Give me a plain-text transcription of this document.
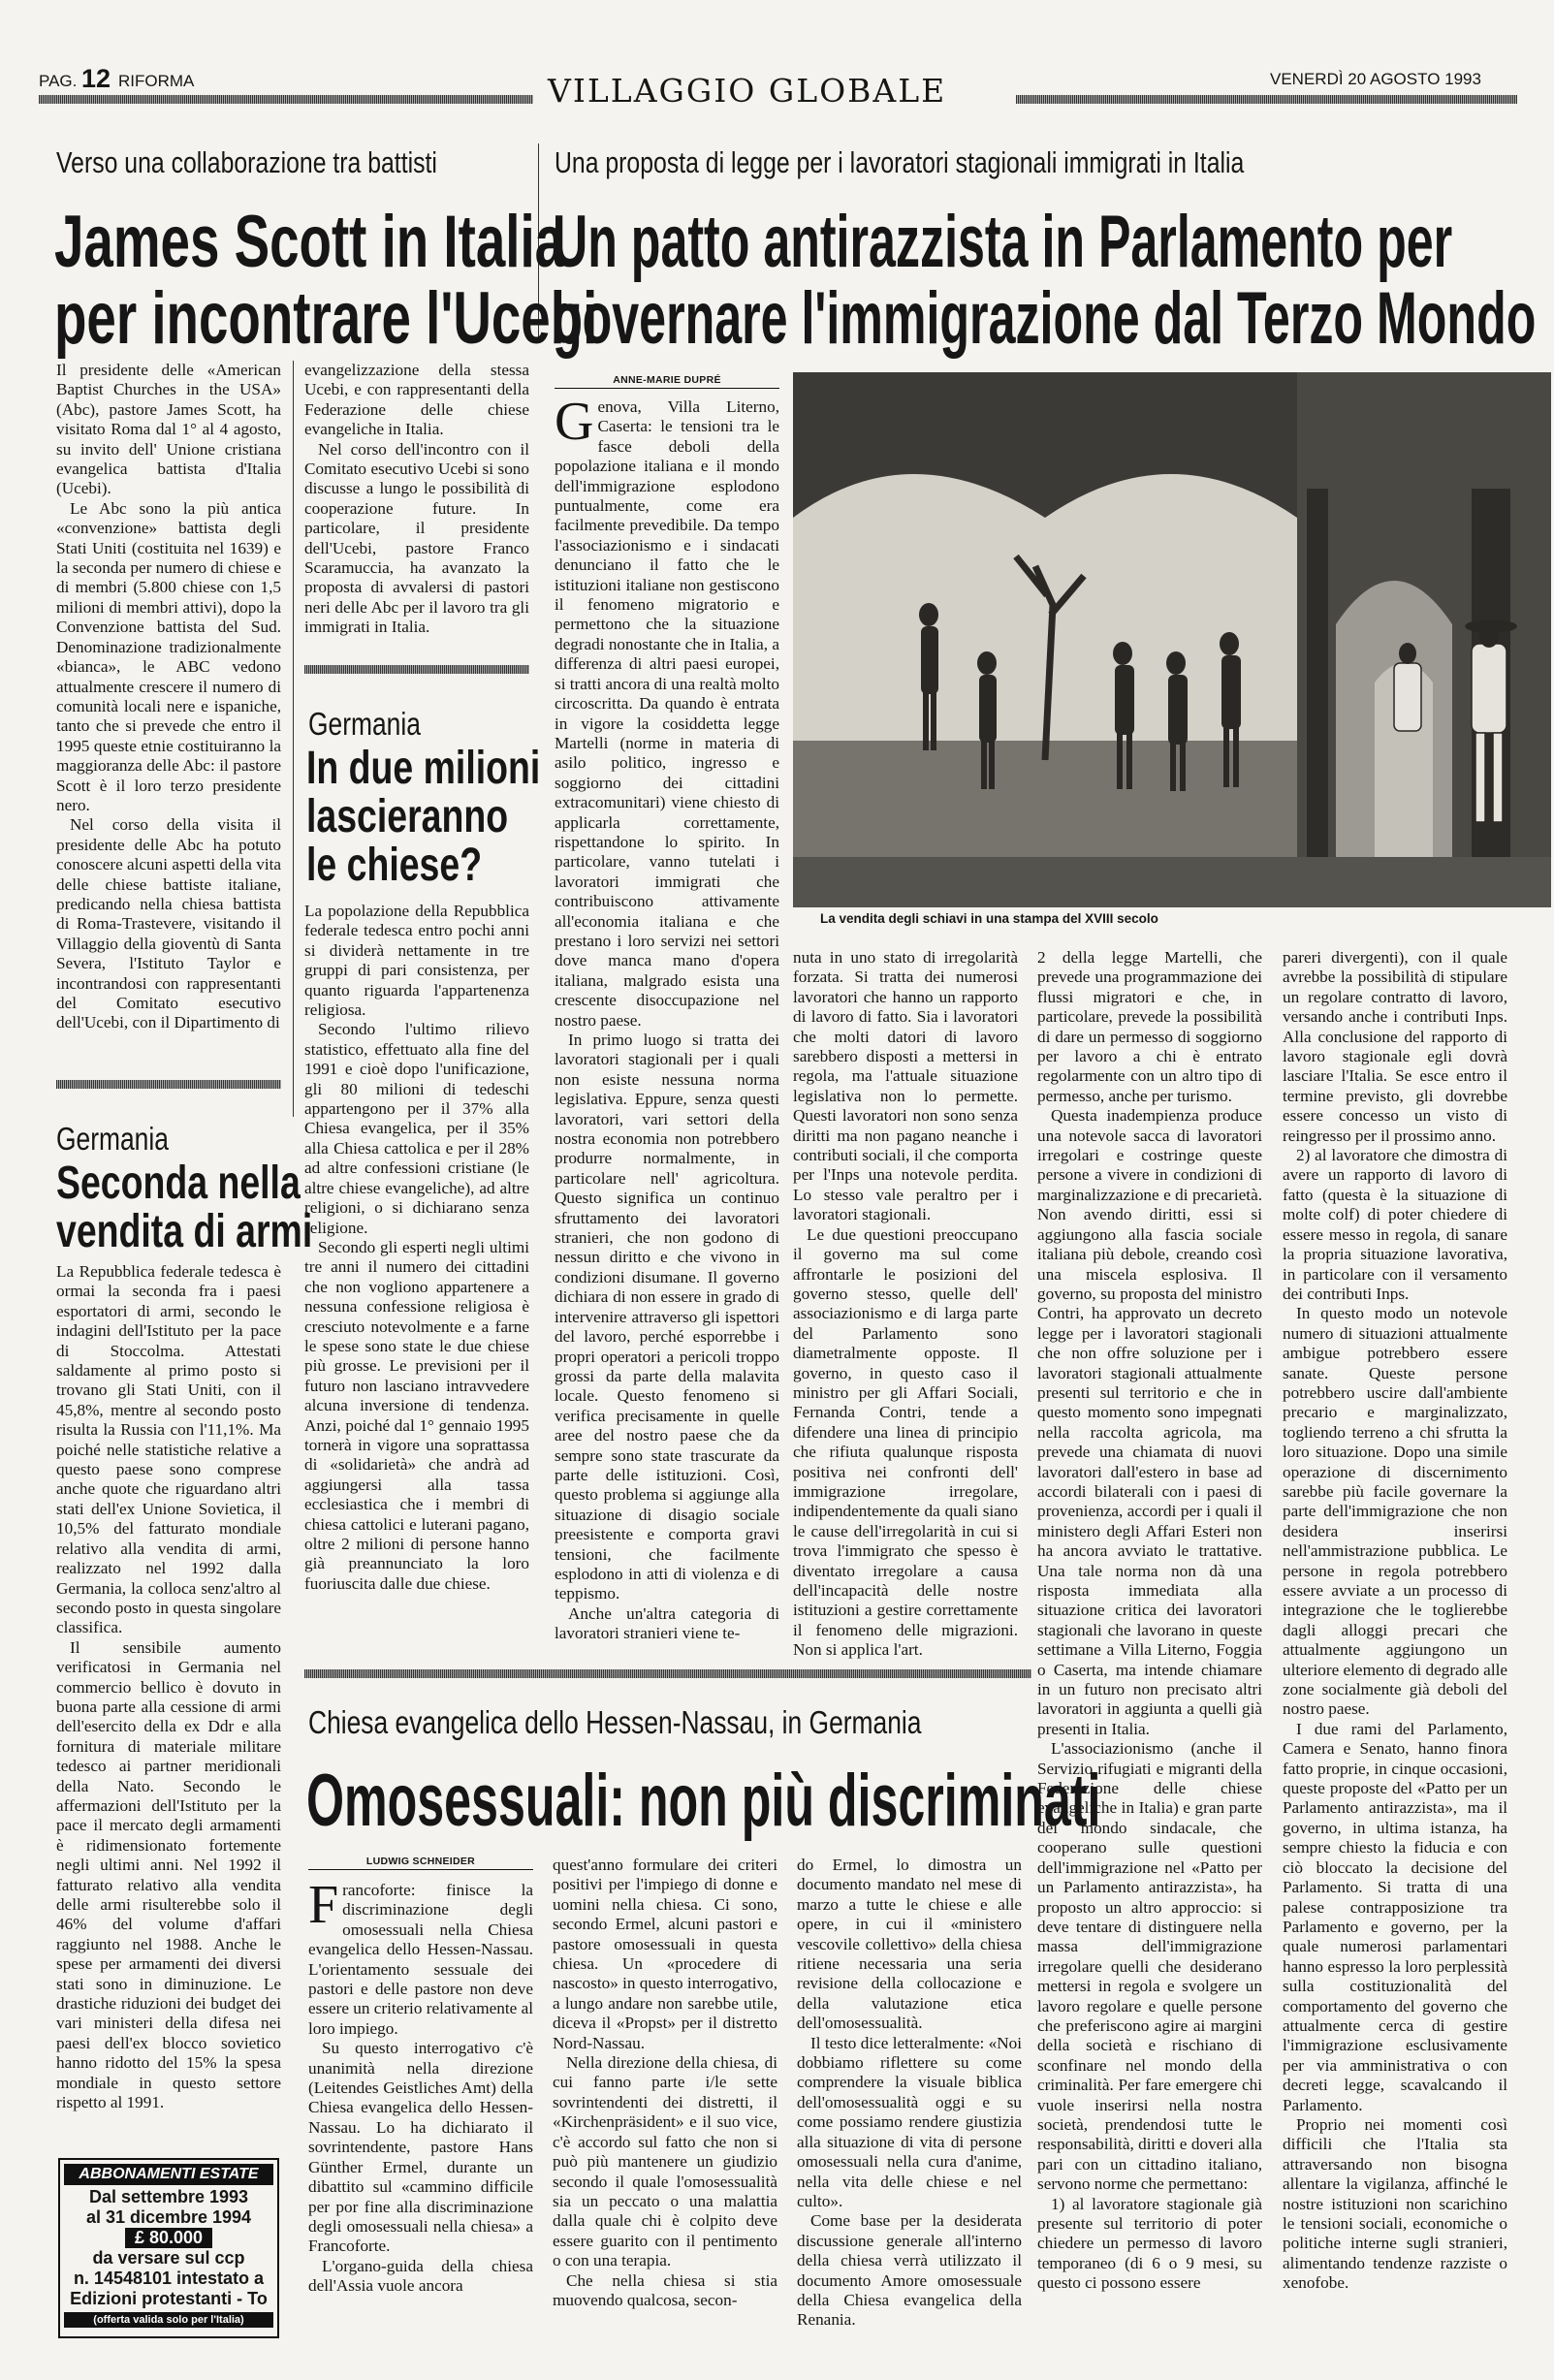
PAG. 12 RIFORMA	VILLAGGIO GLOBALE	VENERDÌ 20 AGOSTO 1993
Verso una collaborazione tra battisti
James Scott in Italia
per incontrare l'Ucebi

Il presidente delle «American Baptist Churches in the USA» (Abc), pastore James Scott, ha visitato Roma dal 1° al 4 agosto, su invito dell' Unione cristiana evangelica battista d'Italia (Ucebi).

Le Abc sono la più antica «convenzione» battista degli Stati Uniti (costituita nel 1639) e la seconda per numero di chiese e di membri (5.800 chiese con 1,5 milioni di membri attivi), dopo la Convenzione battista del Sud. Denominazione tradizionalmente «bianca», le ABC vedono attualmente crescere il numero di comunità locali nere e ispaniche, tanto che si prevede che entro il 1995 queste etnie costituiranno la maggioranza delle Abc: il pastore Scott è il loro terzo presidente nero.

Nel corso della visita il presidente delle Abc ha potuto conoscere alcuni aspetti della vita delle chiese battiste italiane, predicando nella chiesa battista di Roma-Trastevere, visitando il Villaggio della gioventù di Santa Severa, l'Istituto Taylor e incontrandosi con rappresentanti del Comitato esecutivo dell'Ucebi, con il Dipartimento di

evangelizzazione della stessa Ucebi, e con rappresentanti della Federazione delle chiese evangeliche in Italia.

Nel corso dell'incontro con il Comitato esecutivo Ucebi si sono discusse a lungo le possibilità di cooperazione future. In particolare, il presidente dell'Ucebi, pastore Franco Scaramuccia, ha avanzato la proposta di avvalersi di pastori neri delle Abc per il lavoro tra gli immigrati in Italia.

Germania
Seconda nella
vendita di armi

La Repubblica federale tedesca è ormai la seconda fra i paesi esportatori di armi, secondo le indagini dell'Istituto per la pace di Stoccolma. Attestati saldamente al primo posto si trovano gli Stati Uniti, con il 45,8%, mentre al secondo posto risulta la Russia con l'11,1%. Ma poiché nelle statistiche relative a questo paese sono comprese anche quote che riguardano altri stati dell'ex Unione Sovietica, il 10,5% del fatturato mondiale relativo alla vendita di armi, realizzato nel 1992 dalla Germania, la colloca senz'altro al secondo posto in questa singolare classifica.

Il sensibile aumento verificatosi in Germania nel commercio bellico è dovuto in buona parte alla cessione di armi dell'esercito della ex Ddr e alla fornitura di materiale militare tedesco ai partner meridionali della Nato. Secondo le affermazioni dell'Istituto per la pace il mercato degli armamenti è ridimensionato fortemente negli ultimi anni. Nel 1992 il fatturato relativo alla vendita delle armi risulterebbe solo il 46% del volume d'affari raggiunto nel 1988. Anche le spese per armamenti dei diversi stati sono in diminuzione. Le drastiche riduzioni dei budget dei vari ministeri della difesa nei paesi dell'ex blocco sovietico hanno ridotto del 15% la spesa mondiale in questo settore rispetto al 1991.

ABBONAMENTI ESTATE
Dal settembre 1993
al 31 dicembre 1994
£ 80.000
da versare sul ccp
n. 14548101 intestato a
Edizioni protestanti - To
(offerta valida solo per l'Italia)
Germania
In due milioni
lascieranno
le chiese?

La popolazione della Repubblica federale tedesca entro pochi anni si dividerà nettamente in tre gruppi di pari consistenza, per quanto riguarda l'appartenenza religiosa.

Secondo l'ultimo rilievo statistico, effettuato alla fine del 1991 e cioè dopo l'unificazione, gli 80 milioni di tedeschi appartengono per il 37% alla Chiesa evangelica, per il 35% alla Chiesa cattolica e per il 28% ad altre confessioni cristiane (le altre chiese evangeliche), ad altre religioni, o si dichiarano senza religione.

Secondo gli esperti negli ultimi tre anni il numero dei cittadini che non vogliono appartenere a nessuna confessione religiosa è cresciuto notevolmente e a farne le spese sono state le due chiese più grosse. Le previsioni per il futuro non lasciano intravvedere alcuna inversione di tendenza. Anzi, poiché dal 1° gennaio 1995 tornerà in vigore una soprattassa di «solidarietà» che andrà ad aggiungersi alla tassa ecclesiastica che i membri di chiesa cattolici e luterani pagano, oltre 2 milioni di persone hanno già preannunciato la loro fuoriuscita dalle due chiese.

Una proposta di legge per i lavoratori stagionali immigrati in Italia
Un patto antirazzista in Parlamento per
governare l'immigrazione dal Terzo Mondo
ANNE-MARIE DUPRÉ

Genova, Villa Literno, Caserta: le tensioni tra le fasce deboli della popolazione italiana e il mondo dell'immigrazione esplodono puntualmente, come era facilmente prevedibile. Da tempo l'associazionismo e i sindacati denunciano il fatto che le istituzioni italiane non gestiscono il fenomeno migratorio e permettono che la situazione degradi nonostante che in Italia, a differenza di altri paesi europei, si tratti ancora di una realtà molto circoscritta. Da quando è entrata in vigore la cosiddetta legge Martelli (norme in materia di asilo politico, ingresso e soggiorno dei cittadini extracomunitari) viene chiesto di applicarla correttamente, rispettandone lo spirito. In particolare, vanno tutelati i lavoratori immigrati che contribuiscono attivamente all'economia italiana e che prestano i loro servizi nei settori dove manca mano d'opera italiana, malgrado esista una crescente disoccupazione nel nostro paese.

In primo luogo si tratta dei lavoratori stagionali per i quali non esiste nessuna norma legislativa. Eppure, senza questi lavoratori, vari settori della nostra economia non potrebbero produrre normalmente, in particolare nell' agricoltura. Questo significa un continuo sfruttamento dei lavoratori stranieri, che non godono di nessun diritto e che vivono in condizioni disumane. Il governo dichiara di non essere in grado di intervenire attraverso gli ispettori del lavoro, perché esporrebbe i propri operatori a pericoli troppo grossi da parte della malavita locale. Questo fenomeno si verifica precisamente in quelle aree del nostro paese che da sempre sono state trascurate da parte delle istituzioni. Così, questo problema si aggiunge alla situazione di disagio sociale preesistente e comporta gravi tensioni, che facilmente esplodono in atti di violenza e di teppismo.

Anche un'altra categoria di lavoratori stranieri viene te-

La vendita degli schiavi in una stampa del XVIII secolo

nuta in uno stato di irregolarità forzata. Si tratta dei numerosi lavoratori che hanno un rapporto di lavoro di fatto. Sia i lavoratori che molti datori di lavoro sarebbero disposti a mettersi in regola, ma l'attuale situazione legislativa non lo permette. Questi lavoratori non sono senza diritti ma non pagano neanche i contributi sociali, il che comporta per l'Inps una notevole perdita. Lo stesso vale peraltro per i lavoratori stagionali.

Le due questioni preoccupano il governo ma sul come affrontarle le posizioni del governo stesso, quelle dell' associazionismo e di larga parte del Parlamento sono diametralmente opposte. Il governo, in questo caso il ministro per gli Affari Sociali, Fernanda Contri, tende a difendere una linea di principio che rifiuta qualunque risposta positiva nei confronti dell' immigrazione irregolare, indipendentemente da quali siano le cause dell'irregolarità in cui si trova l'immigrato che spesso è diventato irregolare a causa dell'incapacità delle nostre istituzioni a gestire correttamente il fenomeno delle migrazioni. Non si applica l'art.

2 della legge Martelli, che prevede una programmazione dei flussi migratori e che, in particolare, prevede la possibilità di dare un permesso di soggiorno per lavoro a chi è entrato regolarmente con un altro tipo di permesso, anche per turismo.

Questa inadempienza produce una notevole sacca di lavoratori irregolari e costringe queste persone a vivere in condizioni di marginalizzazione e di precarietà. Non avendo diritti, essi si aggiungono alla fascia sociale italiana più debole, creando così una miscela esplosiva. Il governo, su proposta del ministro Contri, ha approvato un decreto legge per i lavoratori stagionali che non offre soluzione per i lavoratori stagionali attualmente presenti sul territorio e che in questo momento sono impegnati nella raccolta agricola, ma prevede una chiamata di nuovi lavoratori dall'estero in base ad accordi bilaterali con i paesi di provenienza, accordi per i quali il ministero degli Affari Esteri non ha ancora avviato le trattative. Una tale norma non dà una risposta immediata alla situazione critica dei lavoratori stagionali che lavorano in queste settimane a Villa Literno, Foggia o Caserta, ma intende chiamare in un futuro non precisato altri lavoratori in aggiunta a quelli già presenti in Italia.

L'associazionismo (anche il Servizio rifugiati e migranti della Federazione delle chiese evangeliche in Italia) e gran parte del mondo sindacale, che cooperano sulle questioni dell'immigrazione nel «Patto per un Parlamento antirazzista», ha proposto un altro approccio: si deve tentare di distinguere nella massa dell'immigrazione irregolare quelli che desiderano mettersi in regola e svolgere un lavoro regolare e quelle persone che preferiscono agire ai margini della società e rischiano di sconfinare nel mondo della criminalità. Per fare emergere chi vuole inserirsi nella nostra società, prendendosi tutte le responsabilità, diritti e doveri alla pari con un cittadino italiano, servono norme che permettano:

1) al lavoratore stagionale già presente sul territorio di poter chiedere un permesso di lavoro temporaneo (di 6 o 9 mesi, su questo ci possono essere

pareri divergenti), con il quale avrebbe la possibilità di stipulare un regolare contratto di lavoro, versando anche i contributi Inps. Alla conclusione del rapporto di lavoro stagionale egli dovrà lasciare l'Italia. Se esce entro il termine previsto, gli dovrebbe essere concesso un visto di reingresso per il prossimo anno.

2) al lavoratore che dimostra di avere un rapporto di lavoro di fatto (questa è la situazione di molte colf) di poter chiedere di essere messo in regola, di sanare la propria situazione lavorativa, in particolare con il versamento dei contributi Inps.

In questo modo un notevole numero di situazioni attualmente ambigue potrebbero essere sanate. Queste persone potrebbero uscire dall'ambiente precario e marginalizzato, togliendo terreno a chi sfrutta la loro situazione. Dopo una simile operazione di discernimento sarebbe più facile governare la parte dell'immigrazione che non desidera inserirsi nell'ammistrazione pubblica. Le persone in regola potrebbero essere avviate a un processo di integrazione che le toglierebbe dagli alloggi precari che attualmente aggiungono un ulteriore elemento di degrado alle zone socialmente già deboli del nostro paese.

I due rami del Parlamento, Camera e Senato, hanno finora fatto proprie, in cinque occasioni, queste proposte del «Patto per un Parlamento antirazzista», ma il governo, in ultima istanza, ha sempre chiesto la fiducia e con ciò bloccato la decisione del Parlamento. Si tratta di una palese contrapposizione tra Parlamento e governo, per la quale numerosi parlamentari hanno espresso la loro perplessità sulla costituzionalità del comportamento del governo che attualmente cerca di gestire l'immigrazione esclusivamente per via amministrativa o con decreti legge, scavalcando il Parlamento.

Proprio nei momenti così difficili che l'Italia sta attraversando non bisogna allentare la vigilanza, affinché le nostre istituzioni non scarichino le tensioni sociali, economiche o politiche interne sugli stranieri, alimentando tendenze razziste o xenofobe.

Chiesa evangelica dello Hessen-Nassau, in Germania
Omosessuali: non più discriminati
LUDWIG SCHNEIDER

Francoforte: finisce la discriminazione degli omosessuali nella Chiesa evangelica dello Hessen-Nassau. L'orientamento sessuale dei pastori e delle pastore non deve essere un criterio relativamente al loro impiego.

Su questo interrogativo c'è unanimità nella direzione (Leitendes Geistliches Amt) della Chiesa evangelica dello Hessen-Nassau. Lo ha dichiarato il sovrintendente, pastore Hans Günther Ermel, durante un dibattito sul «cammino difficile per por fine alla discriminazione degli omosessuali nella chiesa» a Francoforte.

L'organo-guida della chiesa dell'Assia vuole ancora

quest'anno formulare dei criteri positivi per l'impiego di donne e uomini nella chiesa. Ci sono, secondo Ermel, alcuni pastori e pastore omosessuali in questa chiesa. Un «procedere di nascosto» in questo interrogativo, a lungo andare non sarebbe utile, diceva il «Propst» per il distretto Nord-Nassau.

Nella direzione della chiesa, di cui fanno parte i/le sette sovrintendenti dei distretti, il «Kirchenpräsident» e il suo vice, c'è accordo sul fatto che non si può più mantenere un giudizio secondo il quale l'omosessualità sia un peccato o una malattia dalla quale chi è colpito deve essere guarito con il pentimento o con una terapia.

Che nella chiesa si stia muovendo qualcosa, secon-

do Ermel, lo dimostra un documento mandato nel mese di marzo a tutte le chiese e alle opere, in cui il «ministero vescovile collettivo» della chiesa ritiene necessaria una seria revisione della collocazione e della valutazione etica dell'omosessualità.

Il testo dice letteralmente: «Noi dobbiamo riflettere su come comprendere la visuale biblica dell'omosessualità oggi e su come possiamo rendere giustizia alla situazione di vita di persone omosessuali nella cura d'anime, nella vita delle chiese e nel culto».

Come base per la desiderata discussione generale all'interno della chiesa verrà utilizzato il documento Amore omosessuale della Chiesa evangelica della Renania.
